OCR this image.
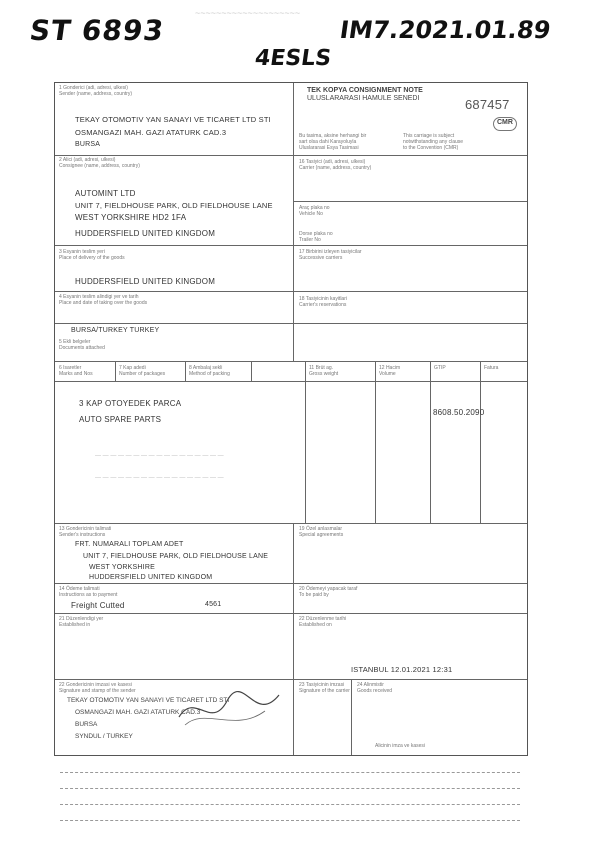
ST 6893	IM7.2021.01.89
4ESLS
~~~~~~~~~~~~~~~~~~~~
TEK KOPYA CONSIGNMENT NOTE
ULUSLARARASI HAMULE SENEDI	687457
CMR
Bu tasima, aksine herhangi bir
sart olsa dahi Karayoluyla
Uluslararasi Esya Tasimasi
This carriage is subject
notwithstanding any clause
to the Convention (CMR)
1 Gonderici (adi, adresi, ulkesi)
Sender (name, address, country)
TEKAY OTOMOTIV YAN SANAYI VE TICARET LTD STI
OSMANGAZI MAH. GAZI ATATURK CAD.3
BURSA
2 Alici (adi, adresi, ulkesi)
Consignee (name, address, country)
AUTOMINT LTD
UNIT 7, FIELDHOUSE PARK, OLD FIELDHOUSE LANE
WEST YORKSHIRE HD2 1FA
HUDDERSFIELD UNITED KINGDOM
16 Tasiyici (adi, adresi, ulkesi)
Carrier (name, address, country)
Araç plaka no
Vehicle No
Dorse plaka no
Trailer No
3 Esyanin teslim yeri
Place of delivery of the goods
HUDDERSFIELD UNITED KINGDOM
17 Birbirini izleyen tasiyicilar
Successive carriers
4 Esyanin teslim alindigi yer ve tarih
Place and date of taking over the goods
18 Tasiyicinin kayitlari
Carrier's reservations
BURSA/TURKEY TURKEY
5 Ekli belgeler
Documents attached
6 Isaretler
Marks and Nos
7 Kap adedi
Number of packages
8 Ambalaj sekli
Method of packing
11 Brüt ag.
Gross weight
12 Hacim
Volume
GTIP	Fatura
3 KAP OTOYEDEK PARCA
AUTO SPARE PARTS
8608.50.2090
— — — — — — — — — — — — — — — — —
— — — — — — — — — — — — — — — — —
13 Gondericinin talimati
Sender's instructions
19 Özel anlasmalar
Special agreements
FRT. NUMARALI TOPLAM ADET
UNIT 7, FIELDHOUSE PARK, OLD FIELDHOUSE LANE
WEST YORKSHIRE
HUDDERSFIELD UNITED KINGDOM
14 Ödeme talimati
Instructions as to payment
Freight Cutted	4561
20 Ödemeyi yapacak taraf
To be paid by
21 Düzenlendigi yer
Established in
22 Düzenlenme tarihi
Established on
ISTANBUL 12.01.2021 12:31
22 Gondericinin imzasi ve kasesi
Signature and stamp of the sender
TEKAY OTOMOTIV YAN SANAYI VE TICARET LTD STI
OSMANGAZI MAH. GAZI ATATURK CAD.3
BURSA
SYNDUL / TURKEY
23 Tasiyicinin imzasi
Signature of the carrier
24 Alinmistir
Goods received
Alicinin imza ve kasesi
